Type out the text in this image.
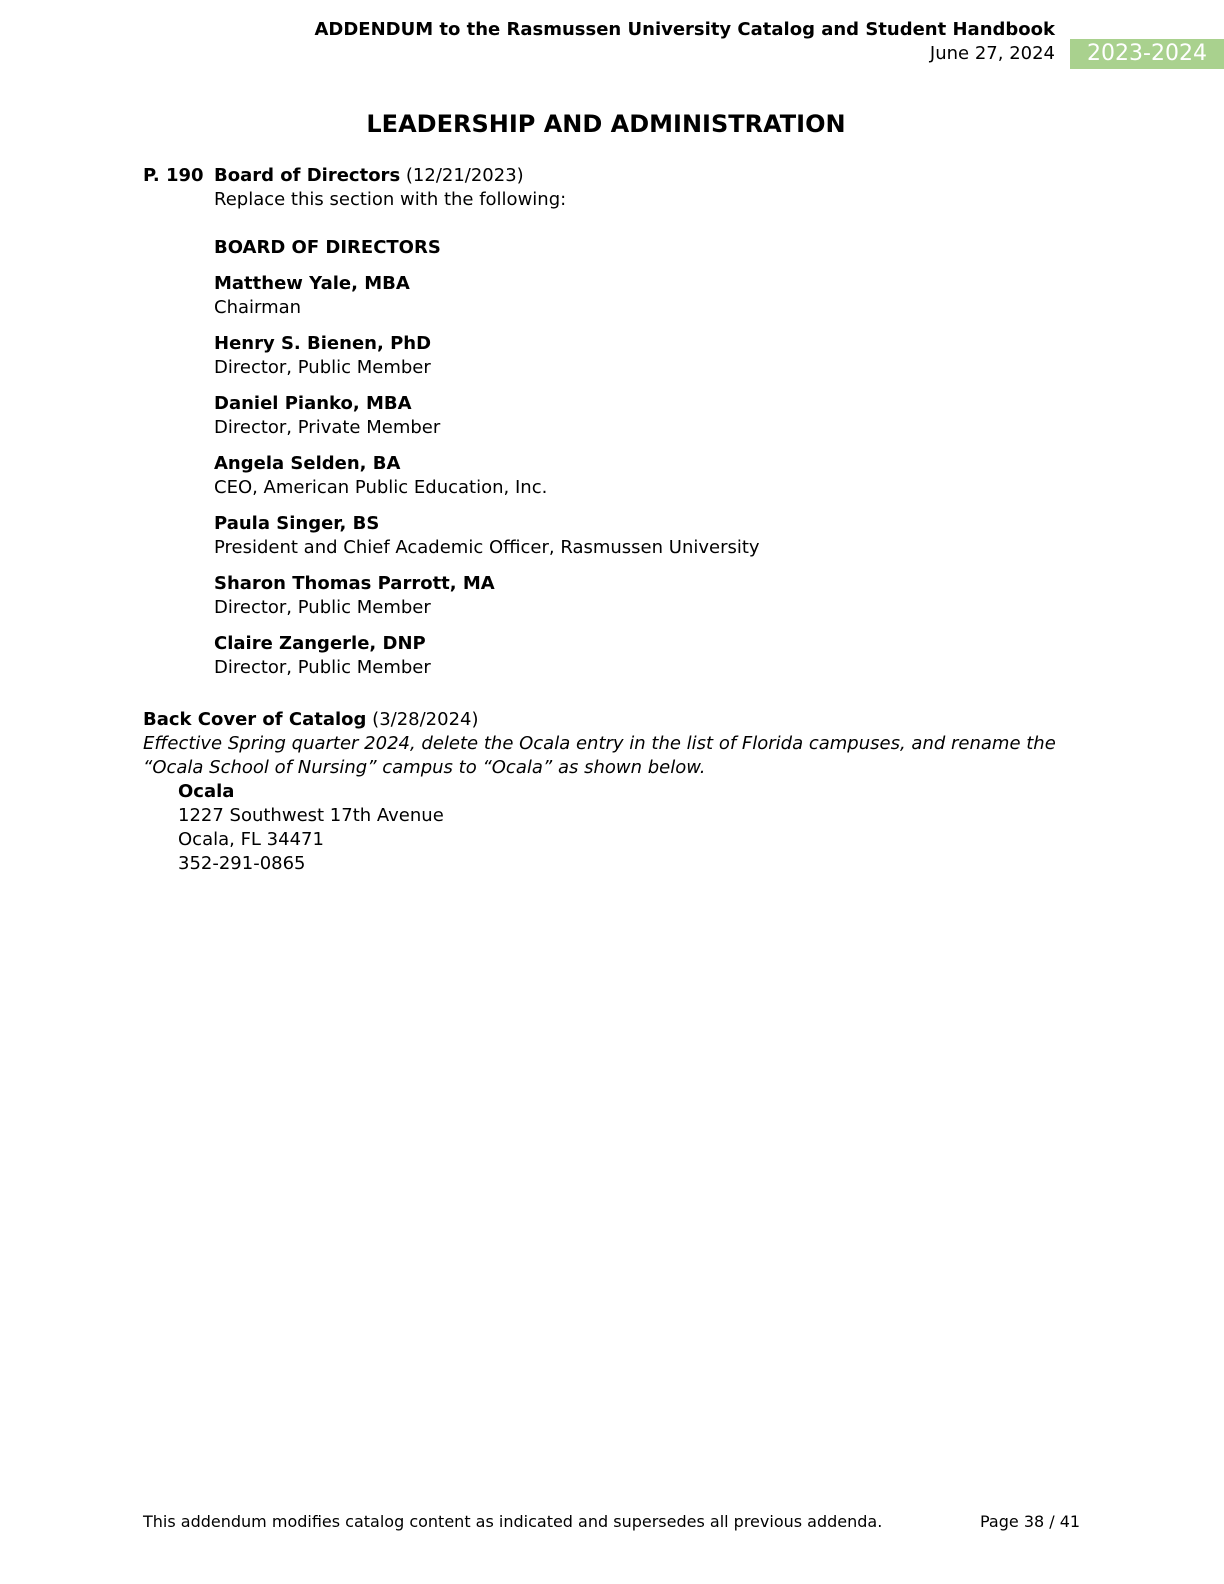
ADDENDUM to the Rasmussen University Catalog and Student Handbook
June 27, 2024	2023-2024
LEADERSHIP AND ADMINISTRATION
P. 190 Board of Directors (12/21/2023)
Replace this section with the following:
BOARD OF DIRECTORS
Matthew Yale, MBA
Chairman
Henry S. Bienen, PhD
Director, Public Member
Daniel Pianko, MBA
Director, Private Member
Angela Selden, BA
CEO, American Public Education, Inc.
Paula Singer, BS
President and Chief Academic Officer, Rasmussen University
Sharon Thomas Parrott, MA
Director, Public Member
Claire Zangerle, DNP
Director, Public Member
Back Cover of Catalog (3/28/2024)
Effective Spring quarter 2024, delete the Ocala entry in the list of Florida campuses, and rename the “Ocala School of Nursing” campus to “Ocala” as shown below.
Ocala
1227 Southwest 17th Avenue
Ocala, FL 34471
352-291-0865
This addendum modifies catalog content as indicated and supersedes all previous addenda.	Page 38 / 41
